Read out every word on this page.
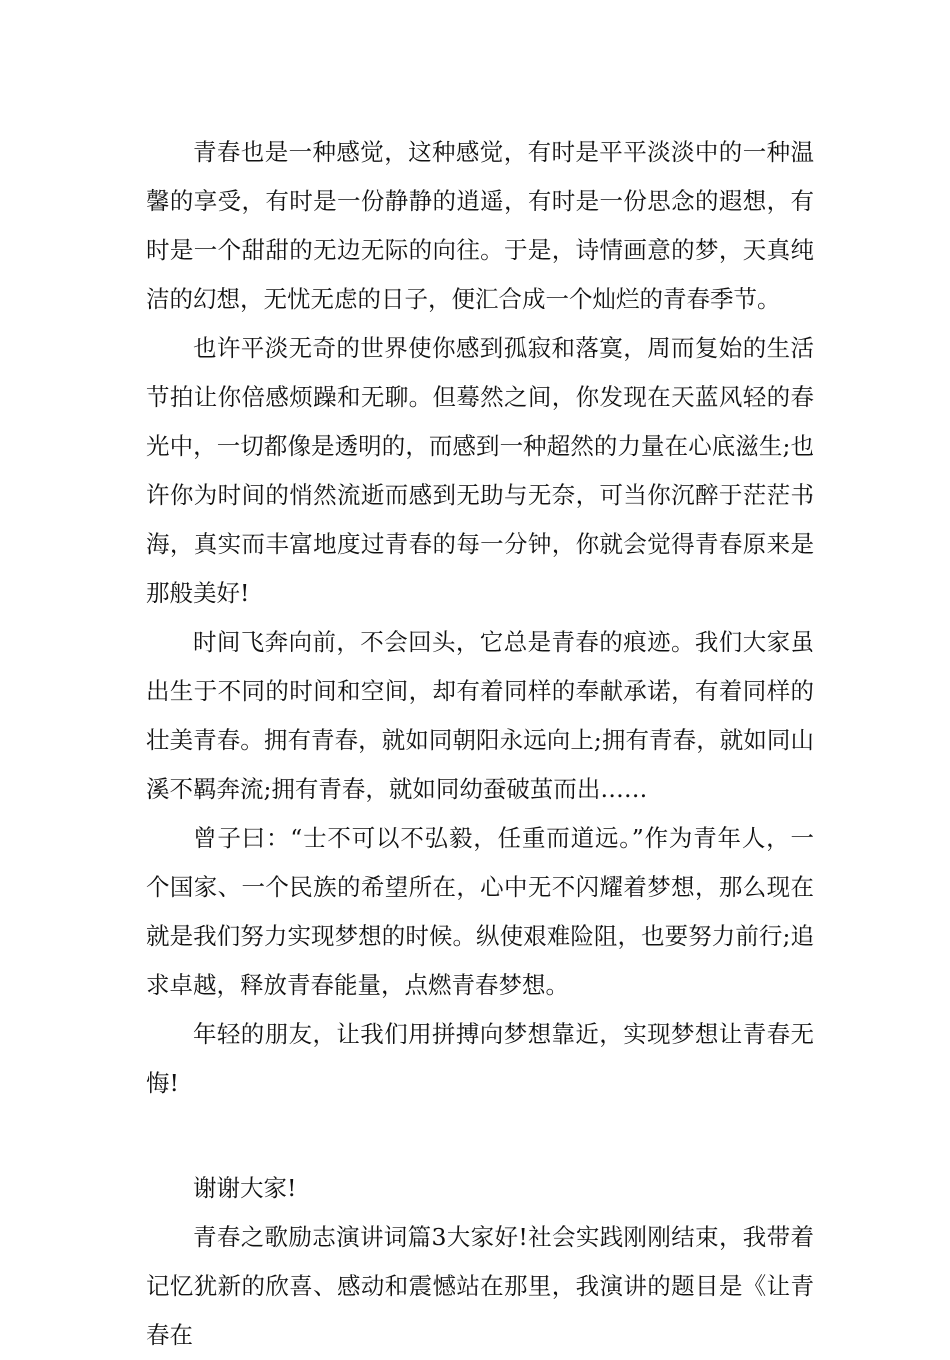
青春也是一种感觉，这种感觉，有时是平平淡淡中的一种温馨的享受，有时是一份静静的逍遥，有时是一份思念的遐想，有时是一个甜甜的无边无际的向往。于是，诗情画意的梦，天真纯洁的幻想，无忧无虑的日子，便汇合成一个灿烂的青春季节。

也许平淡无奇的世界使你感到孤寂和落寞，周而复始的生活节拍让你倍感烦躁和无聊。但蓦然之间，你发现在天蓝风轻的春光中，一切都像是透明的，而感到一种超然的力量在心底滋生;也许你为时间的悄然流逝而感到无助与无奈，可当你沉醉于茫茫书海，真实而丰富地度过青春的每一分钟，你就会觉得青春原来是那般美好!

时间飞奔向前，不会回头，它总是青春的痕迹。我们大家虽出生于不同的时间和空间，却有着同样的奉献承诺，有着同样的壮美青春。拥有青春，就如同朝阳永远向上;拥有青春，就如同山溪不羁奔流;拥有青春，就如同幼蚕破茧而出……

曾子曰：“士不可以不弘毅，任重而道远。”作为青年人，一个国家、一个民族的希望所在，心中无不闪耀着梦想，那么现在就是我们努力实现梦想的时候。纵使艰难险阻，也要努力前行;追求卓越，释放青春能量，点燃青春梦想。

年轻的朋友，让我们用拼搏向梦想靠近，实现梦想让青春无悔!

谢谢大家!

青春之歌励志演讲词篇3大家好!社会实践刚刚结束，我带着记忆犹新的欣喜、感动和震憾站在那里，我演讲的题目是《让青春在
